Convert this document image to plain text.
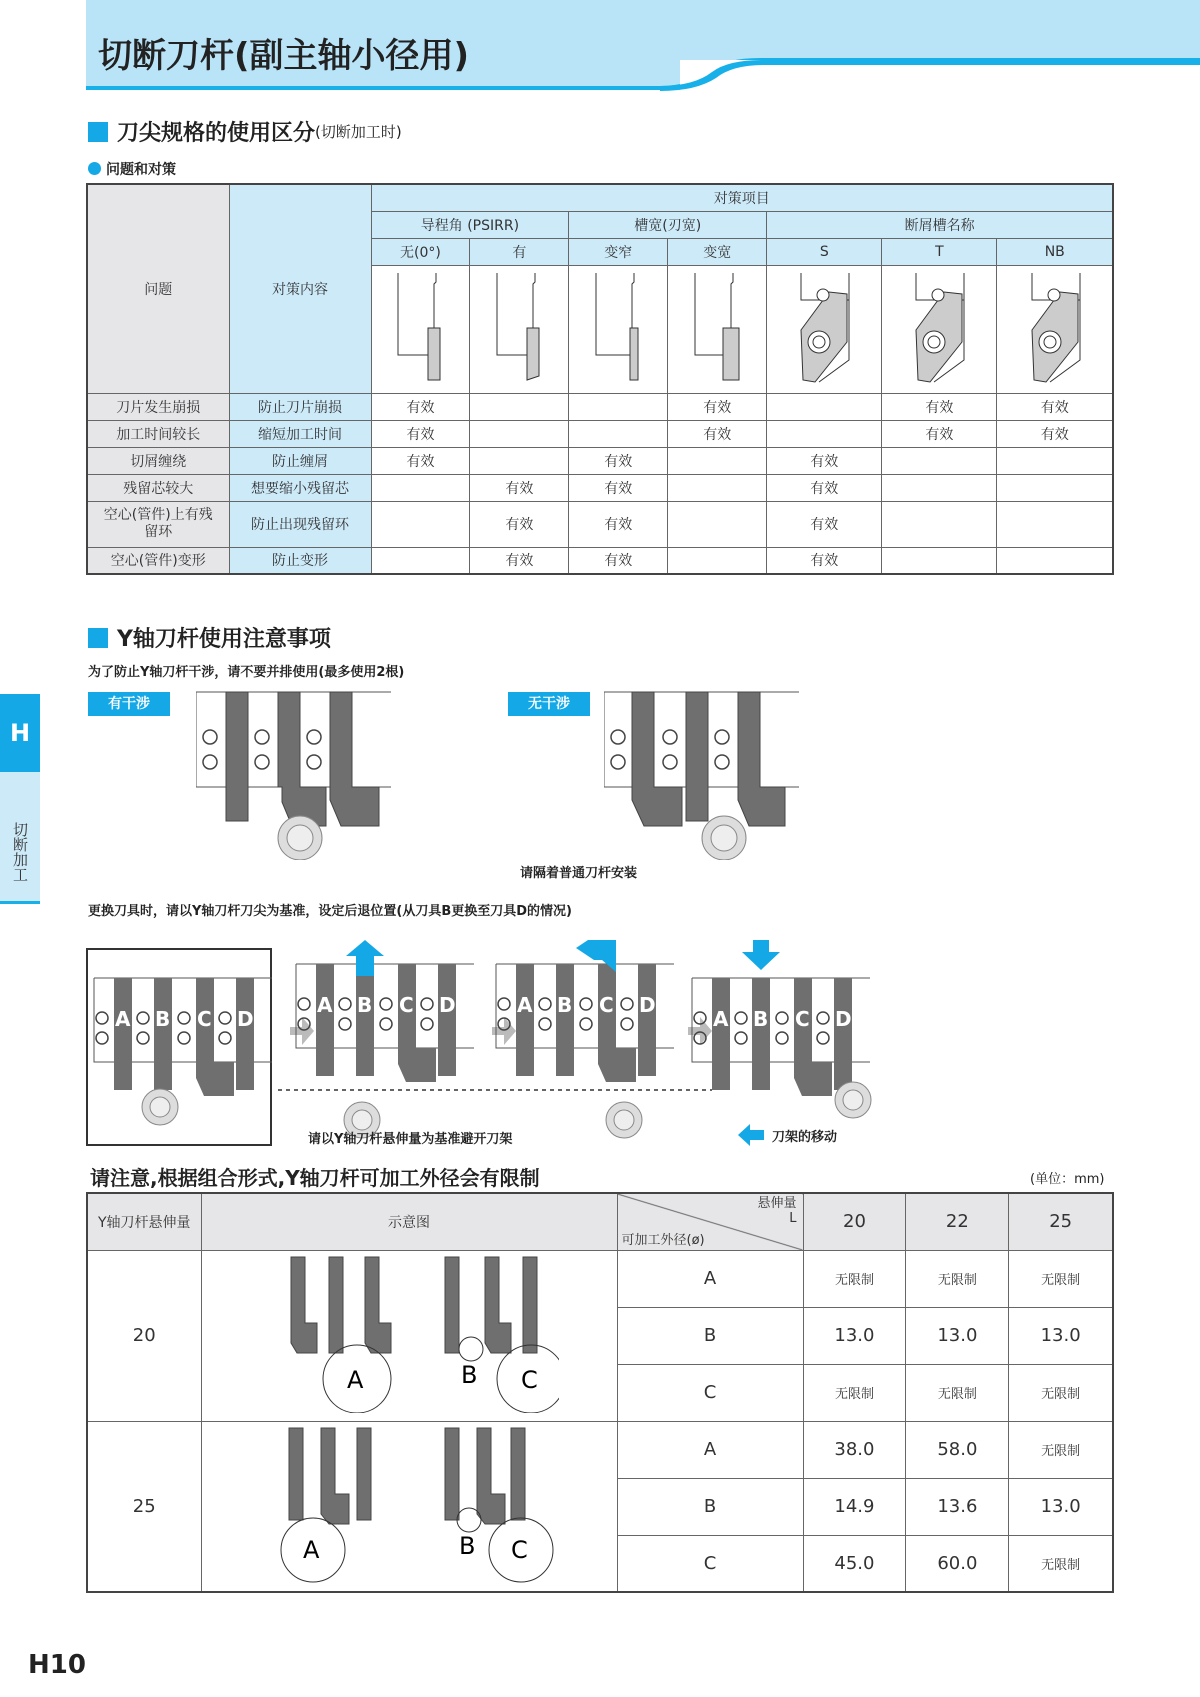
切断刀杆(副主轴小径用)
H
切断加工
刀尖规格的使用区分 (切断加工时)
问题和对策
问题	对策内容	对策项目						
		导程角 (PSIRR)		槽宽(刃宽)		断屑槽名称		
		无(0°)	有	变窄	变宽	S	T	NB

刀片发生崩损	防止刀片崩损	有效			有效		有效	有效
加工时间较长	缩短加工时间	有效			有效		有效	有效
切屑缠绕	防止缠屑	有效		有效		有效		
残留芯较大	想要缩小残留芯		有效	有效		有效		
空心(管件)上有残留环	防止出现残留环		有效	有效		有效		
空心(管件)变形	防止变形		有效	有效		有效		
Y轴刀杆使用注意事项
为了防止Y轴刀杆干涉，请不要并排使用(最多使用2根)
有干涉	无干涉
请隔着普通刀杆安装
更换刀具时，请以Y轴刀杆刀尖为基准，设定后退位置(从刀具B更换至刀具D的情况)
A B C D
A B C D	A B C D
A B C D
请以Y轴刀杆悬伸量为基准避开刀架	刀架的移动
请注意,根据组合形式,Y轴刀杆可加工外径会有限制	(单位：mm)
Y轴刀杆悬伸量	示意图	悬伸量
L
可加工外径(ø)	20	22	25
20	A B C	A	无限制	无限制	无限制
		B	13.0	13.0	13.0
		C	无限制	无限制	无限制
25	A B C	A	38.0	58.0	无限制
		B	14.9	13.6	13.0
		C	45.0	60.0	无限制
H10
